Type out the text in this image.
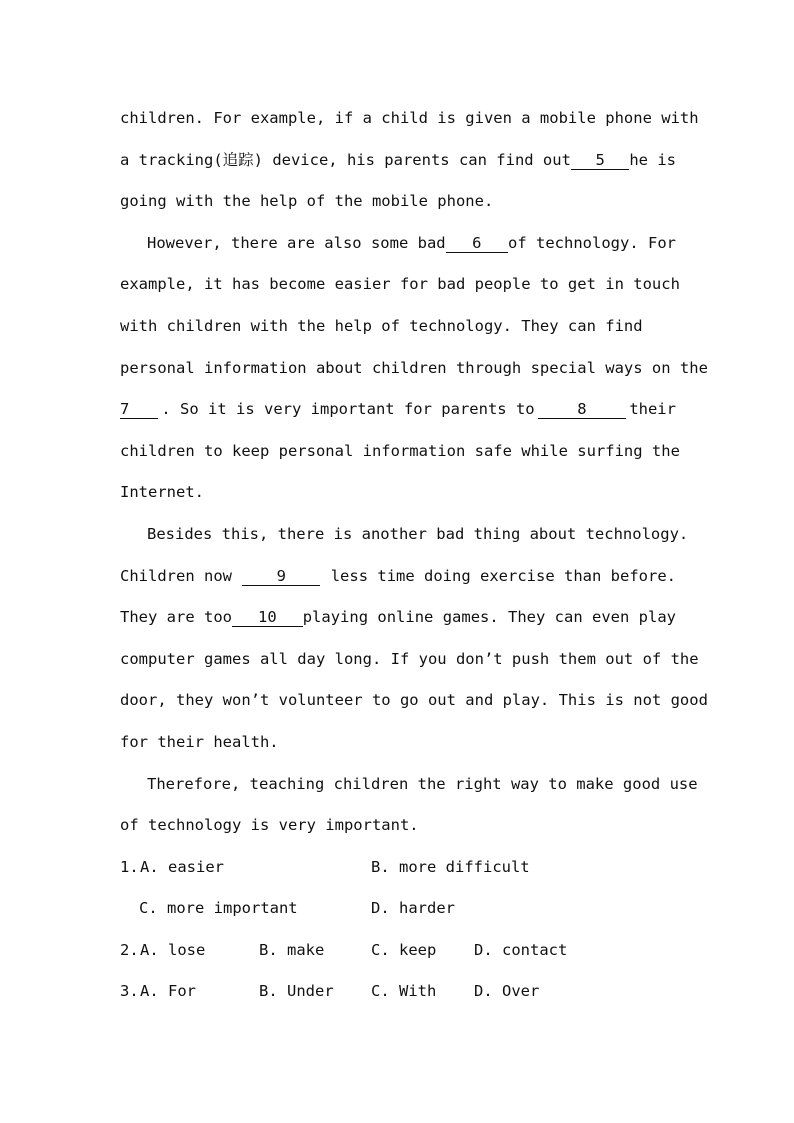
children. For example, if a child is given a mobile phone with
a tracking(追踪) device, his parents can find out	5	he is
going with the help of the mobile phone.
However, there are also some bad	6	of technology. For
example, it has become easier for bad people to get in touch
with children with the help of technology. They can find
personal information about children through special ways on the
7	. So it is very important for parents to	8	their
children to keep personal information safe while surfing the
Internet.
Besides this, there is another bad thing about technology.
Children now	9	less time doing exercise than before.
They are too	10	playing online games. They can even play
computer games all day long. If you don’t push them out of the
door, they won’t volunteer to go out and play. This is not good
for their health.
Therefore, teaching children the right way to make good use
of technology is very important.
1. A. easier	B. more difficult
C. more important	D. harder
2. A. lose	B. make	C. keep D. contact
3. A. For	B. Under C. With D. Over
